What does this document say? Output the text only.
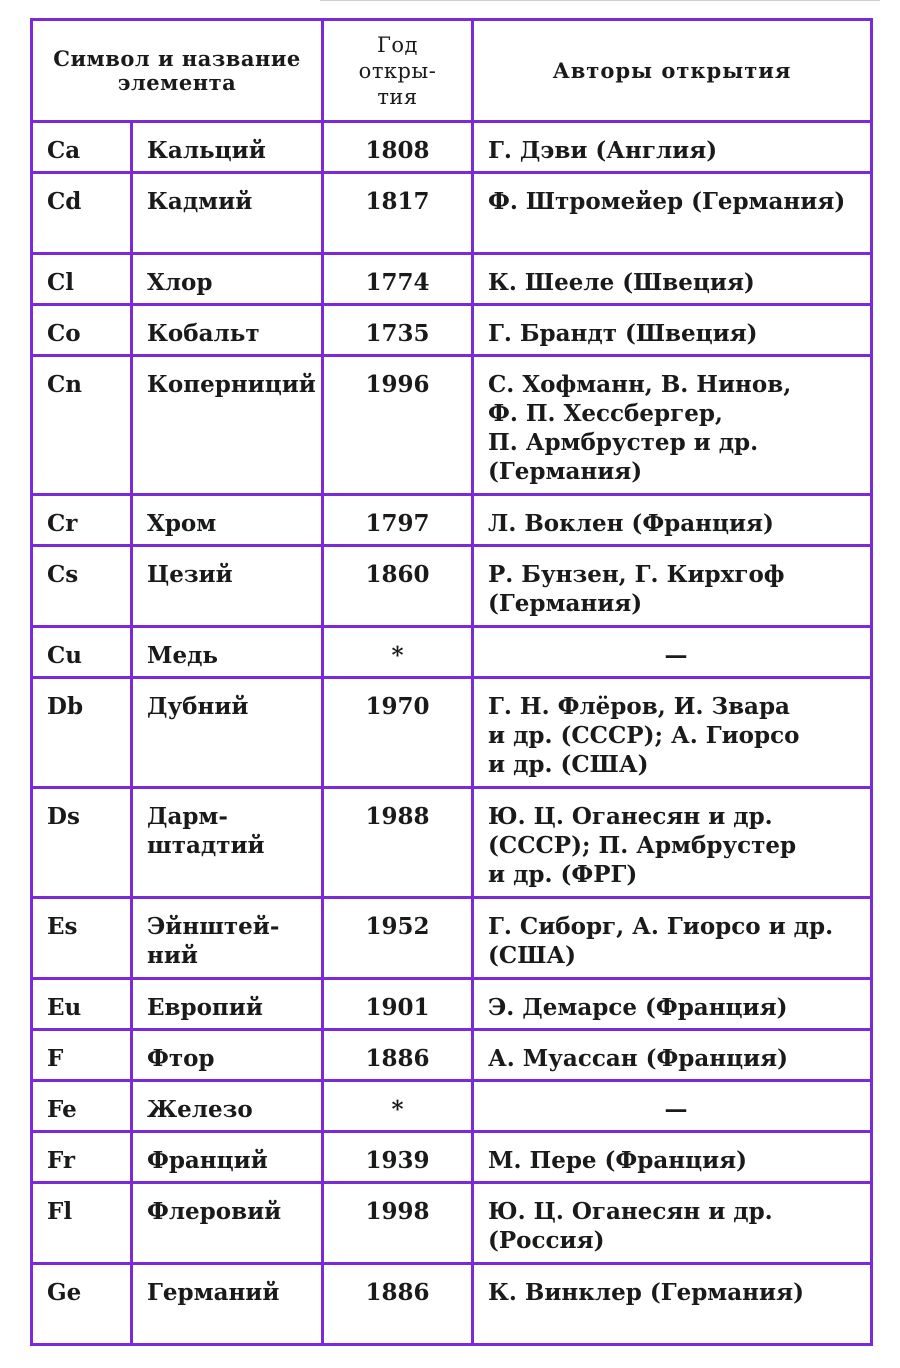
Символ и название
элемента		Год
откры-
тия	Авторы открытия

Ca	Кальций	1808	Г. Дэви (Англия)

Cd	Кадмий	1817	Ф. Штромейер (Германия)

Cl	Хлор	1774	К. Шееле (Швеция)

Co	Кобальт	1735	Г. Брандт (Швеция)

Cn	Коперниций	1996	С. Хофманн, В. Нинов,
Ф. П. Хессбергер,
П. Армбрустер и др.
(Германия)

Cr	Хром	1797	Л. Воклен (Франция)

Cs	Цезий	1860	Р. Бунзен, Г. Кирхгоф
(Германия)

Cu	Медь	*	—

Db	Дубний	1970	Г. Н. Флёров, И. Звара
и др. (СССР); А. Гиорсо
и др. (США)

Ds	Дарм-
штадтий	1988	Ю. Ц. Оганесян и др.
(СССР); П. Армбрустер
и др. (ФРГ)

Es	Эйнштей-
ний	1952	Г. Сиборг, А. Гиорсо и др.
(США)

Eu	Европий	1901	Э. Демарсе (Франция)

F	Фтор	1886	А. Муассан (Франция)

Fe	Железо	*	—

Fr	Франций	1939	М. Пере (Франция)

Fl	Флеровий	1998	Ю. Ц. Оганесян и др.
(Россия)

Ge	Германий	1886	К. Винклер (Германия)
